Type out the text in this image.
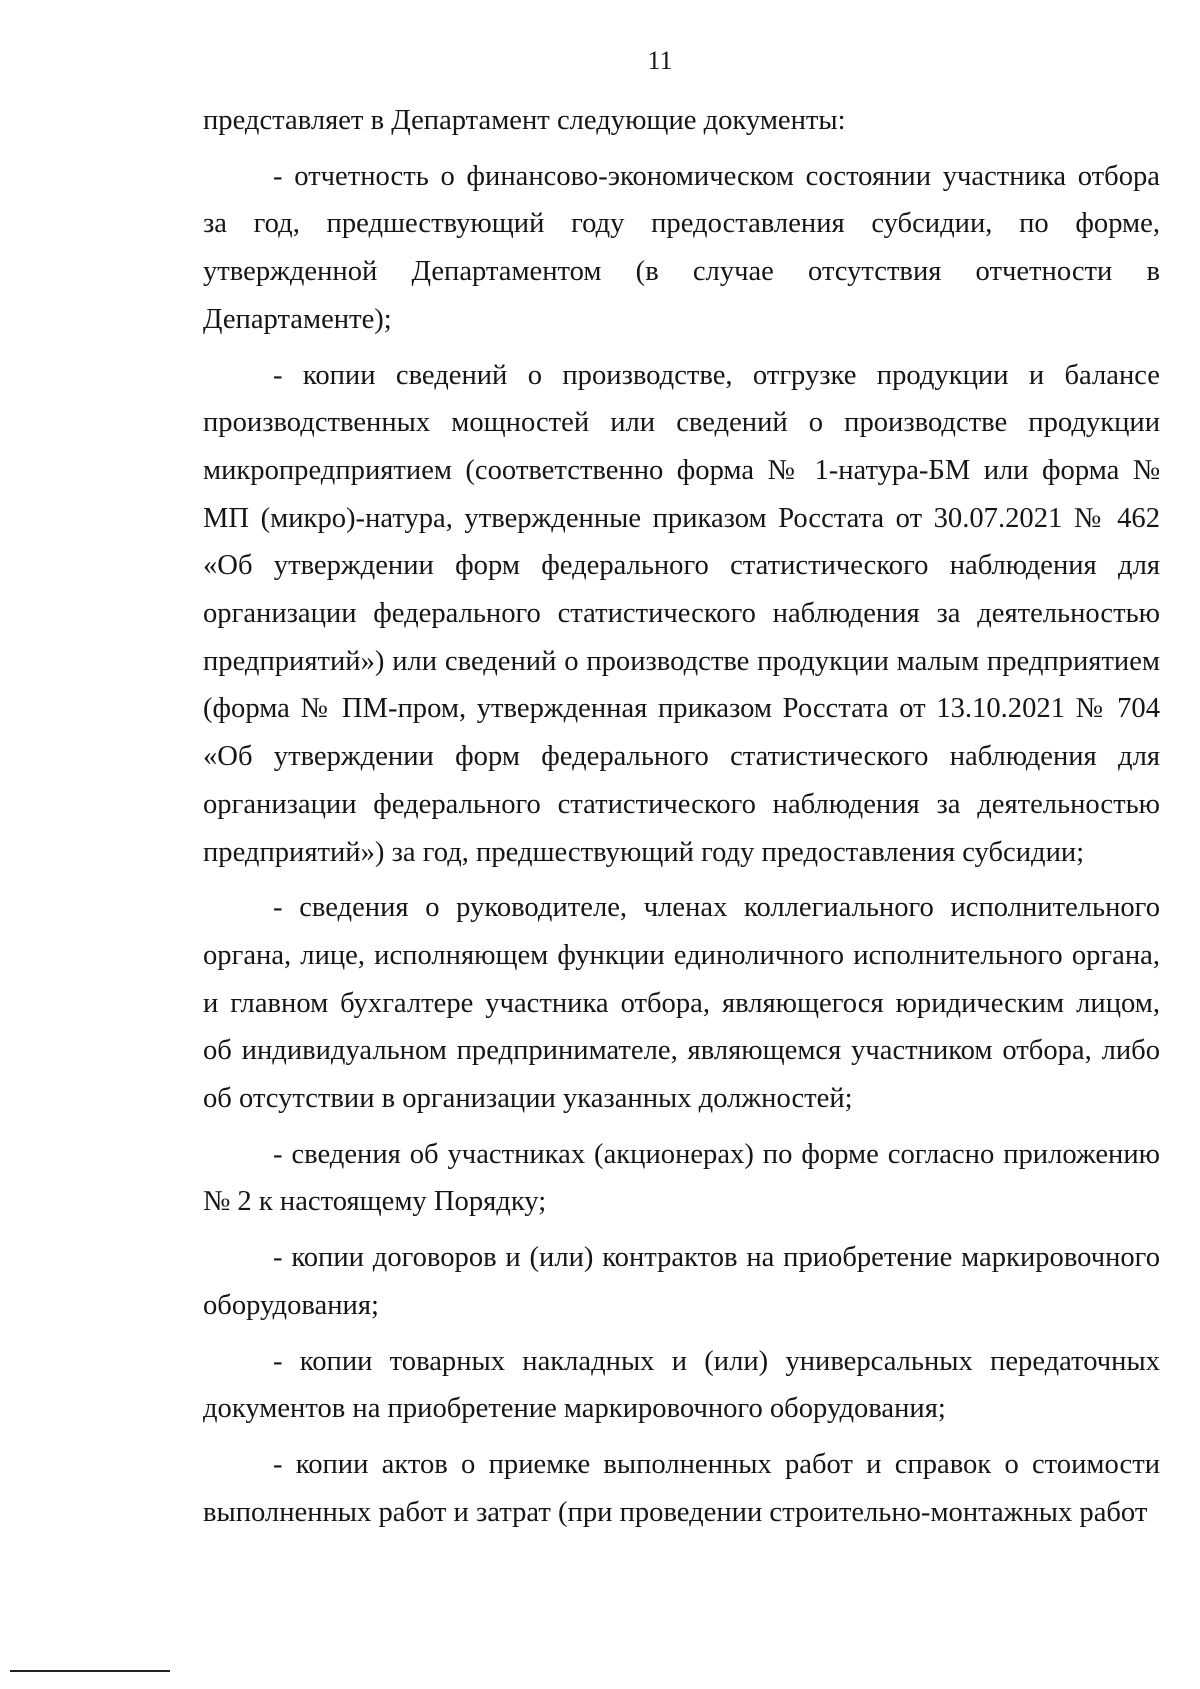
11

представляет в Департамент следующие документы:

- отчетность о финансово-экономическом состоянии участника отбора за год, предшествующий году предоставления субсидии, по форме, утвержденной Департаментом (в случае отсутствия отчетности в Департаменте);

- копии сведений о производстве, отгрузке продукции и балансе производственных мощностей или сведений о производстве продукции микропредприятием (соответственно форма № 1-натура-БМ или форма № МП (микро)-натура, утвержденные приказом Росстата от 30.07.2021 № 462 «Об утверждении форм федерального статистического наблюдения для организации федерального статистического наблюдения за деятельностью предприятий») или сведений о производстве продукции малым предприятием (форма № ПМ-пром, утвержденная приказом Росстата от 13.10.2021 № 704 «Об утверждении форм федерального статистического наблюдения для организации федерального статистического наблюдения за деятельностью предприятий») за год, предшествующий году предоставления субсидии;

- сведения о руководителе, членах коллегиального исполнительного органа, лице, исполняющем функции единоличного исполнительного органа, и главном бухгалтере участника отбора, являющегося юридическим лицом, об индивидуальном предпринимателе, являющемся участником отбора, либо об отсутствии в организации указанных должностей;

- сведения об участниках (акционерах) по форме согласно приложению № 2 к настоящему Порядку;

- копии договоров и (или) контрактов на приобретение маркировочного оборудования;

- копии товарных накладных и (или) универсальных передаточных документов на приобретение маркировочного оборудования;

- копии актов о приемке выполненных работ и справок о стоимости выполненных работ и затрат (при проведении строительно-монтажных работ
